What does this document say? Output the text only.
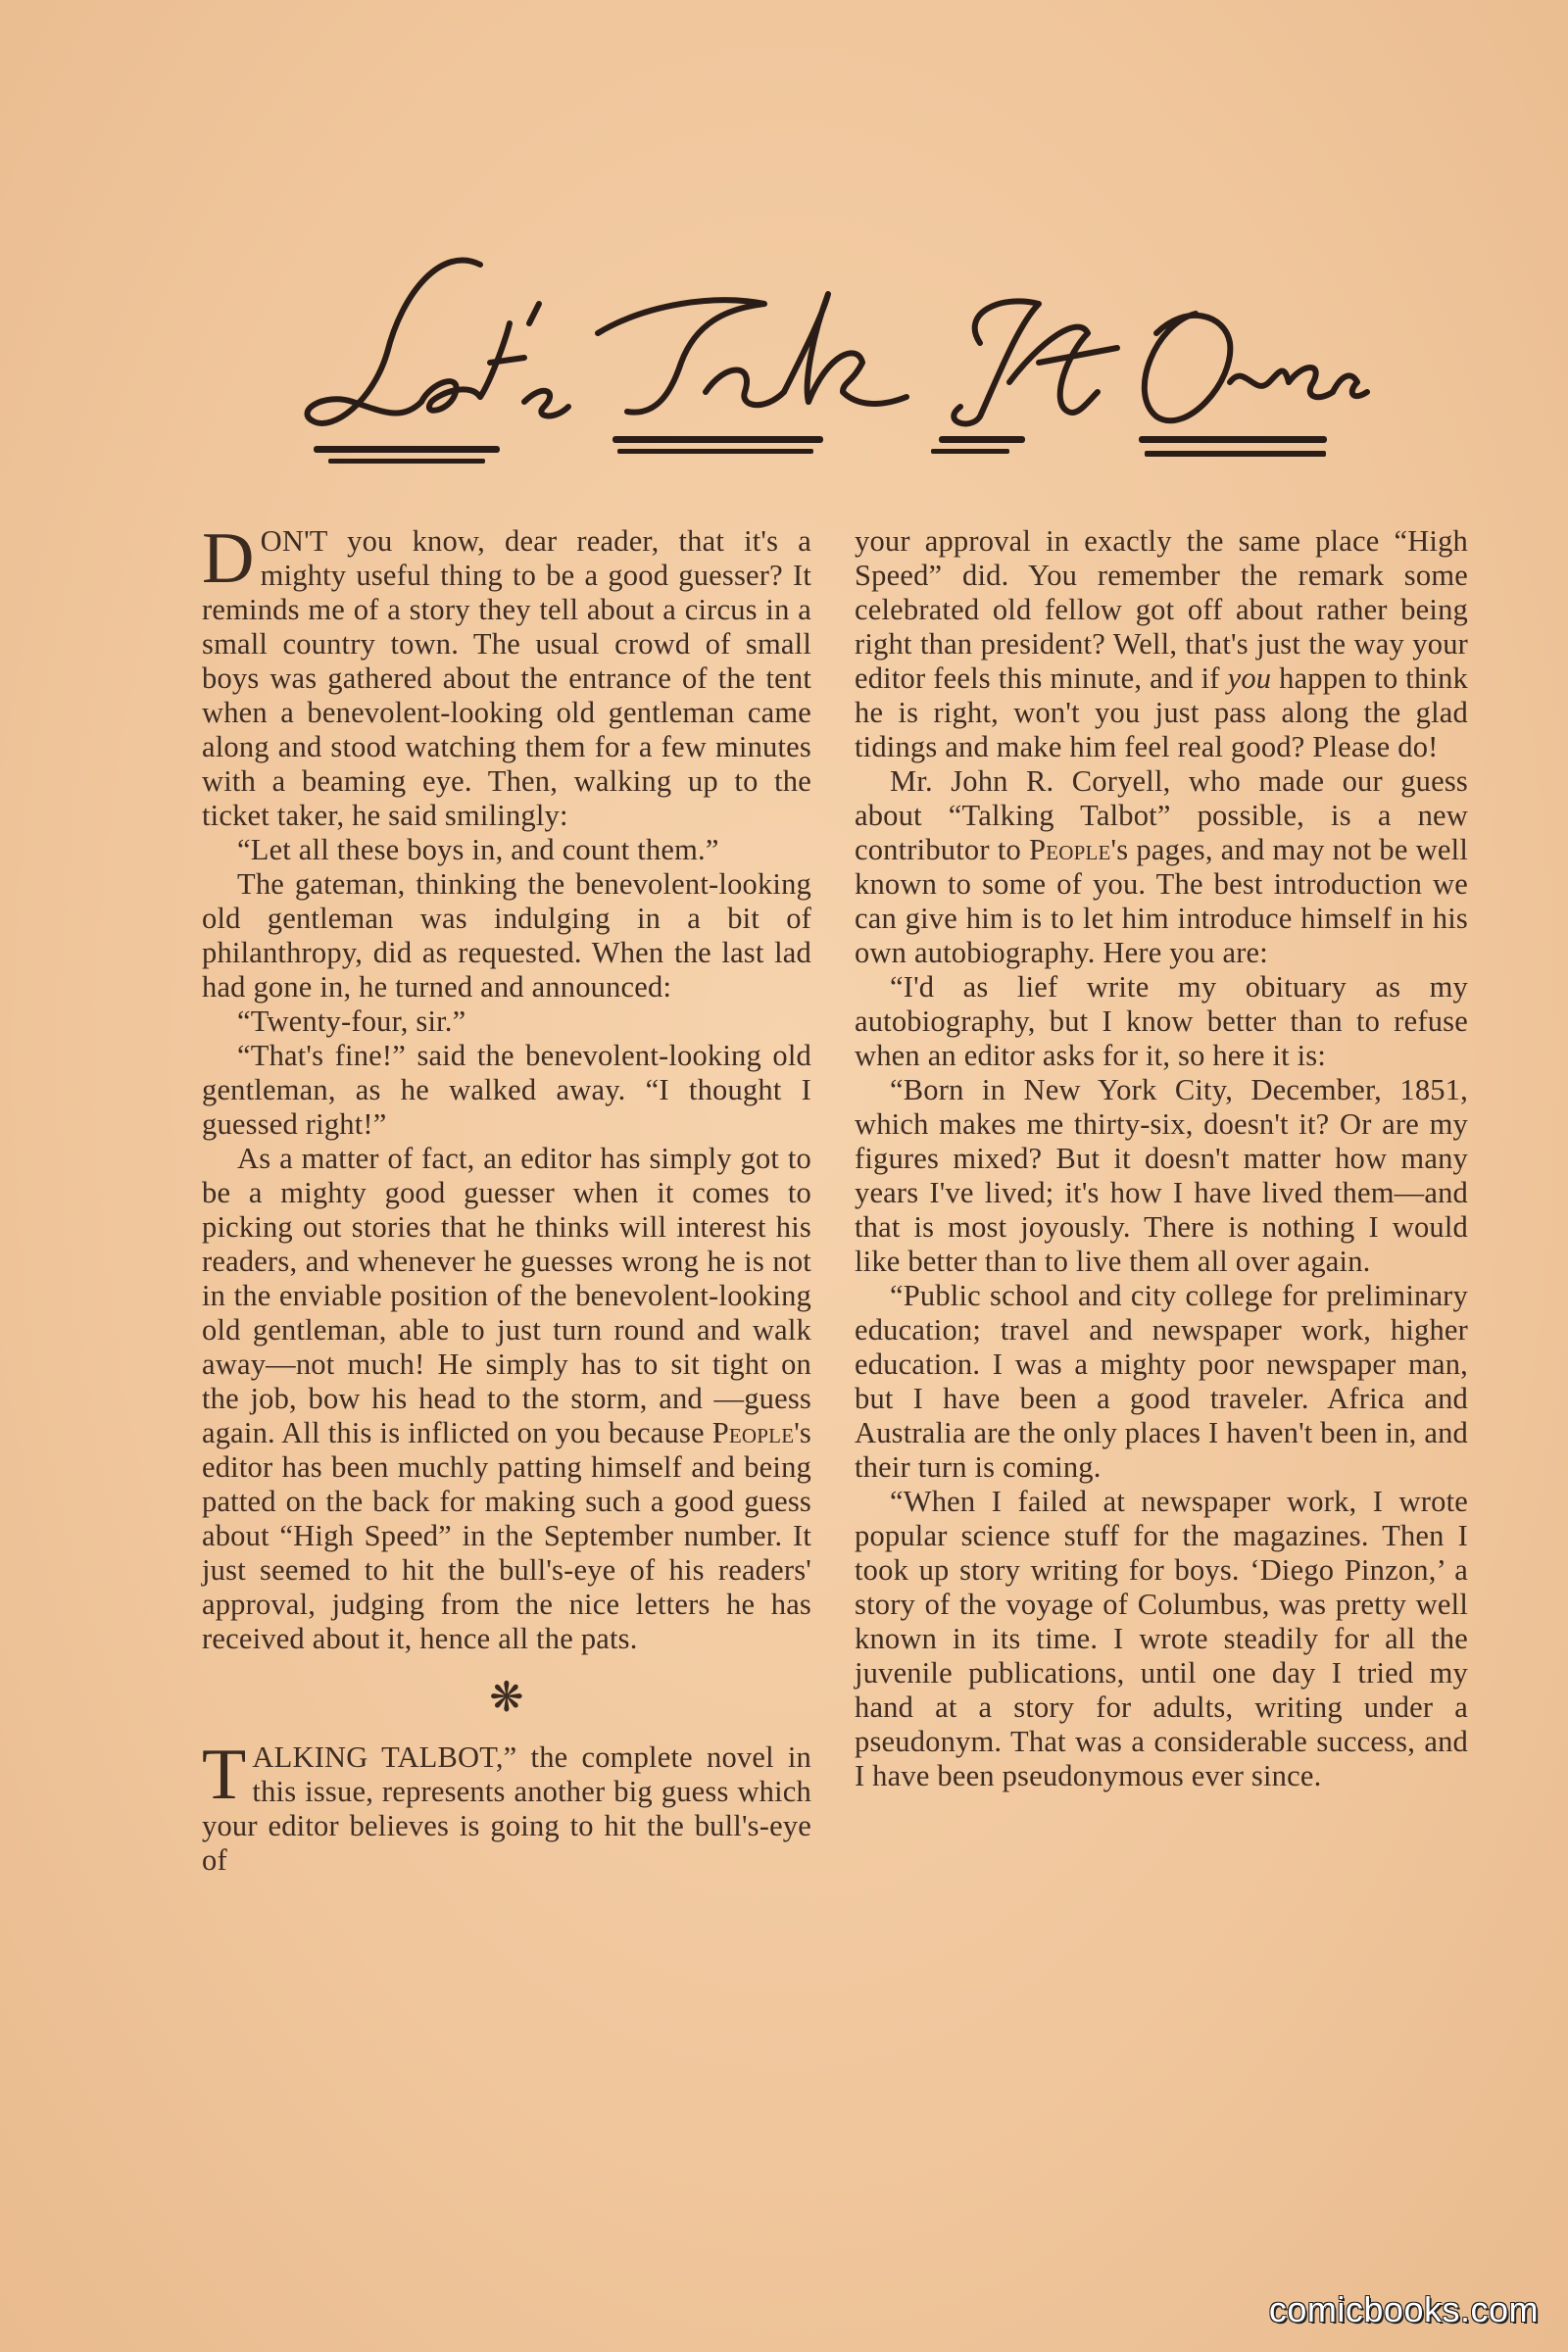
DON'T you know, dear reader, that it's a mighty useful thing to be a good guesser? It reminds me of a story they tell about a circus in a small country town. The usual crowd of small boys was gathered about the entrance of the tent when a benevolent-looking old gentleman came along and stood watching them for a few minutes with a beaming eye. Then, walking up to the ticket taker, he said smilingly:

“Let all these boys in, and count them.”

The gateman, thinking the benevolent-looking old gentleman was indulging in a bit of philanthropy, did as requested. When the last lad had gone in, he turned and announced:

“Twenty-four, sir.”

“That's fine!” said the benevolent-looking old gentleman, as he walked away. “I thought I guessed right!”

As a matter of fact, an editor has simply got to be a mighty good guesser when it comes to picking out stories that he thinks will interest his readers, and whenever he guesses wrong he is not in the enviable position of the benevolent-looking old gentleman, able to just turn round and walk away—not much! He simply has to sit tight on the job, bow his head to the storm, and —guess again. All this is inflicted on you because People's editor has been muchly patting himself and being patted on the back for making such a good guess about “High Speed” in the September number. It just seemed to hit the bull's-eye of his readers' approval, judging from the nice letters he has received about it, hence all the pats.

❋

TALKING TALBOT,” the complete novel in this issue, represents another big guess which your editor believes is going to hit the bull's-eye of

your approval in exactly the same place “High Speed” did. You remember the remark some celebrated old fellow got off about rather being right than president? Well, that's just the way your editor feels this minute, and if you happen to think he is right, won't you just pass along the glad tidings and make him feel real good? Please do!

Mr. John R. Coryell, who made our guess about “Talking Talbot” possible, is a new contributor to People's pages, and may not be well known to some of you. The best introduction we can give him is to let him introduce himself in his own autobiography. Here you are:

“I'd as lief write my obituary as my autobiography, but I know better than to refuse when an editor asks for it, so here it is:

“Born in New York City, December, 1851, which makes me thirty-six, doesn't it? Or are my figures mixed? But it doesn't matter how many years I've lived; it's how I have lived them—and that is most joyously. There is nothing I would like better than to live them all over again.

“Public school and city college for preliminary education; travel and newspaper work, higher education. I was a mighty poor newspaper man, but I have been a good traveler. Africa and Australia are the only places I haven't been in, and their turn is coming.

“When I failed at newspaper work, I wrote popular science stuff for the magazines. Then I took up story writing for boys. ‘Diego Pinzon,’ a story of the voyage of Columbus, was pretty well known in its time. I wrote steadily for all the juvenile publications, until one day I tried my hand at a story for adults, writing under a pseudonym. That was a considerable success, and I have been pseudonymous ever since.

comicbooks.com
